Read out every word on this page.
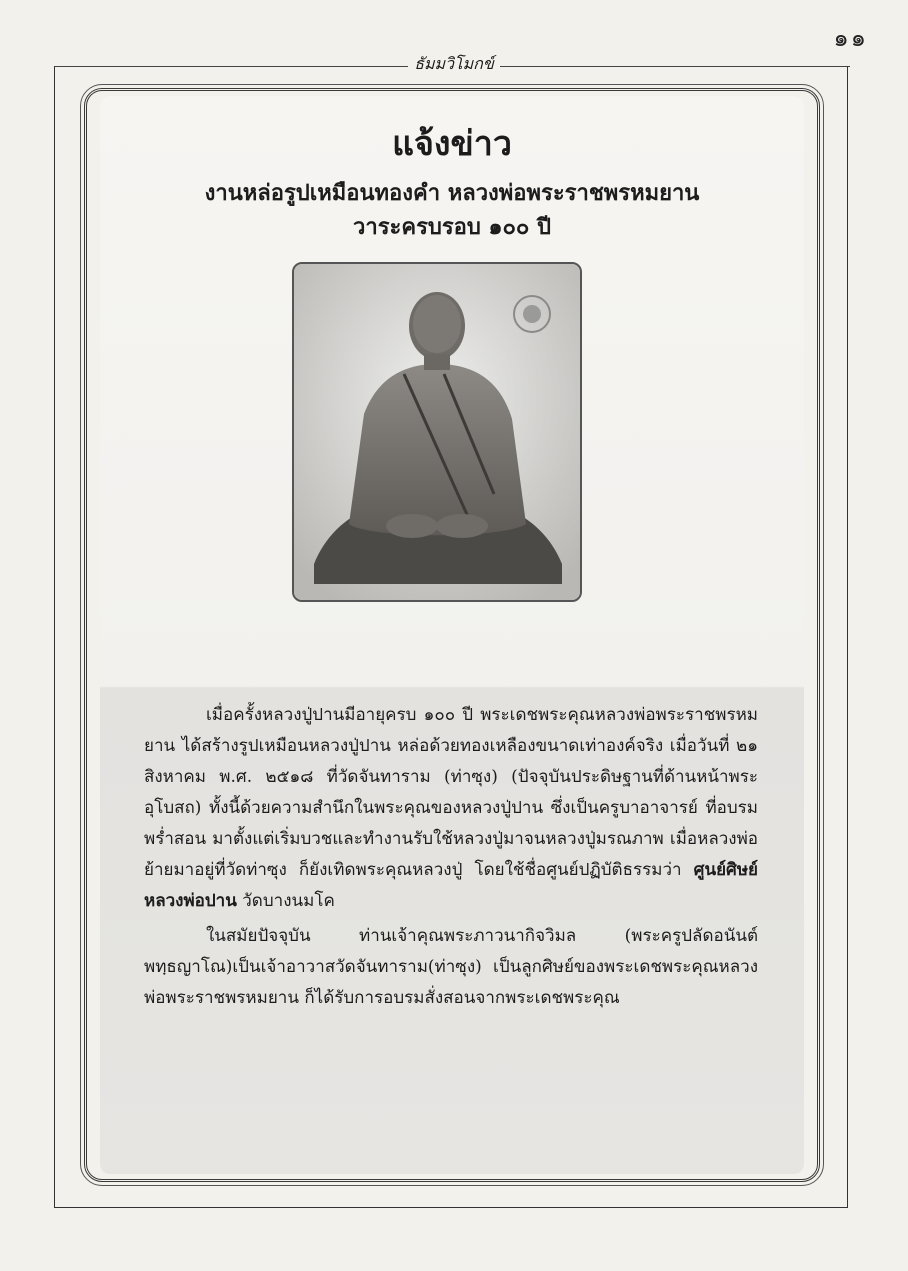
๑๑
ธัมมวิโมกข์
แจ้งข่าว
งานหล่อรูปเหมือนทองคำ หลวงพ่อพระราชพรหมยาน
วาระครบรอบ ๑๐๐ ปี

เมื่อครั้งหลวงปู่ปานมีอายุครบ ๑๐๐ ปี พระเดชพระคุณหลวงพ่อพระราชพรหมยาน ได้สร้างรูปเหมือนหลวงปู่ปาน หล่อด้วยทองเหลืองขนาดเท่าองค์จริง เมื่อวันที่ ๒๑ สิงหาคม พ.ศ. ๒๕๑๘ ที่วัดจันทาราม (ท่าซุง) (ปัจจุบันประดิษฐานที่ด้านหน้าพระอุโบสถ) ทั้งนี้ด้วยความสำนึกในพระคุณของหลวงปู่ปาน ซึ่งเป็นครูบาอาจารย์ ที่อบรมพร่ำสอน มาตั้งแต่เริ่มบวชและทำงานรับใช้หลวงปู่มาจนหลวงปู่มรณภาพ เมื่อหลวงพ่อย้ายมาอยู่ที่วัดท่าซุง ก็ยังเทิดพระคุณหลวงปู่ โดยใช้ชื่อศูนย์ปฏิบัติธรรมว่า ศูนย์ศิษย์หลวงพ่อปาน วัดบางนมโค

ในสมัยปัจจุบัน ท่านเจ้าคุณพระภาวนากิจวิมล (พระครูปลัดอนันต์ พทฺธญาโณ)เป็นเจ้าอาวาสวัดจันทาราม(ท่าซุง) เป็นลูกศิษย์ของพระเดชพระคุณหลวงพ่อพระราชพรหมยาน ก็ได้รับการอบรมสั่งสอนจากพระเดชพระคุณ
